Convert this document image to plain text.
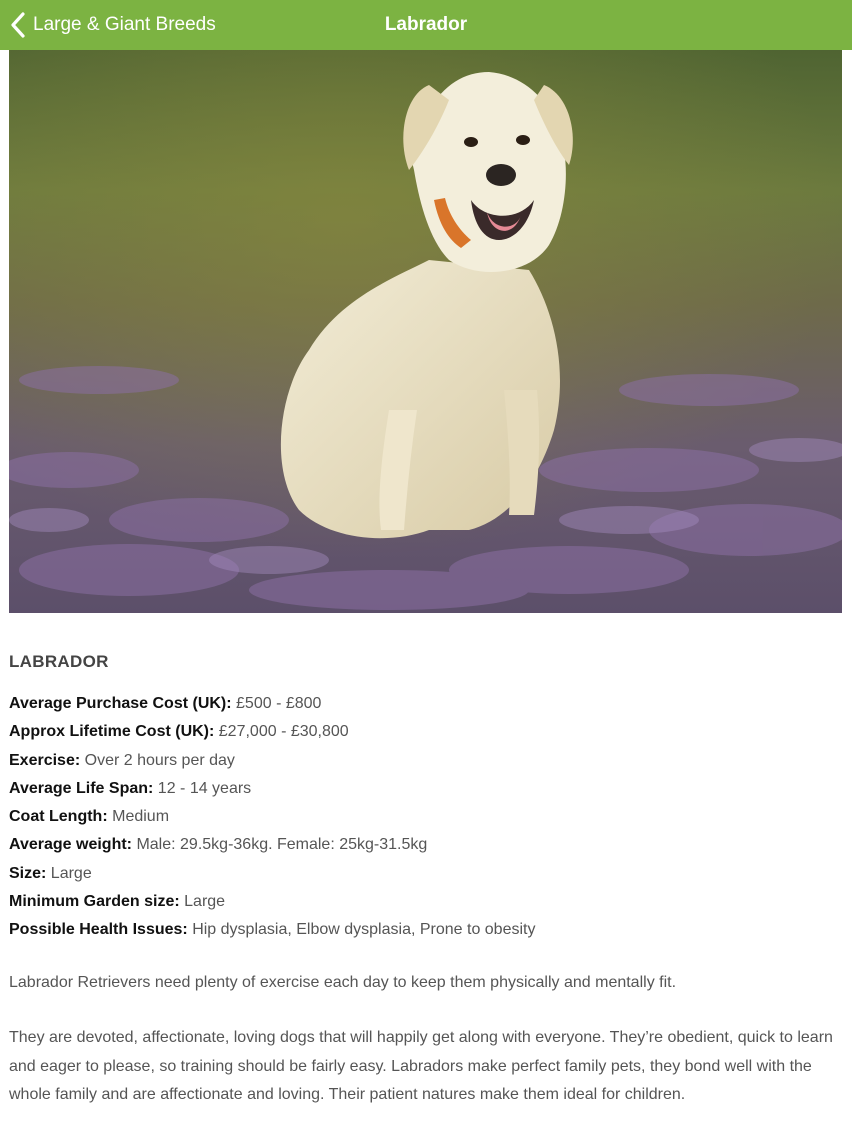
Large & Giant Breeds	Labrador
LABRADOR
Average Purchase Cost (UK): £500 - £800
Approx Lifetime Cost (UK): £27,000 - £30,800
Exercise: Over 2 hours per day
Average Life Span: 12 - 14 years
Coat Length: Medium
Average weight: Male: 29.5kg-36kg. Female: 25kg-31.5kg
Size: Large
Minimum Garden size: Large
Possible Health Issues: Hip dysplasia, Elbow dysplasia, Prone to obesity

Labrador Retrievers need plenty of exercise each day to keep them physically and mentally fit.

They are devoted, affectionate, loving dogs that will happily get along with everyone. They’re obedient, quick to learn and eager to please, so training should be fairly easy. Labradors make perfect family pets, they bond well with the whole family and are affectionate and loving. Their patient natures make them ideal for children.
